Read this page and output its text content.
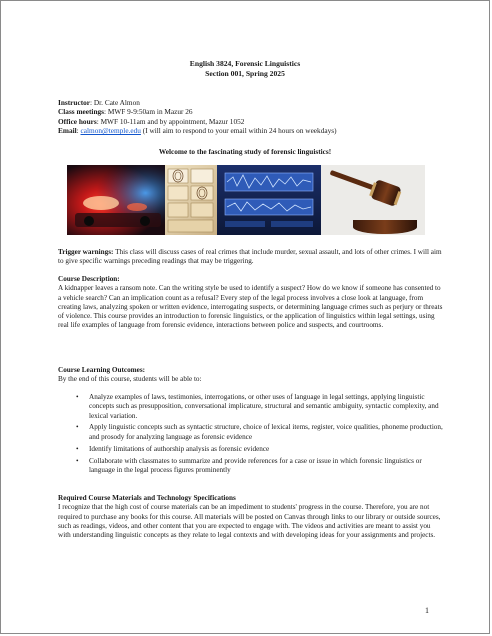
English 3824, Forensic Linguistics
Section 001, Spring 2025
Instructor: Dr. Cate Almon
Class meetings: MWF 9-9:50am in Mazur 26
Office hours: MWF 10-11am and by appointment, Mazur 1052
Email: calmon@temple.edu (I will aim to respond to your email within 24 hours on weekdays)
Welcome to the fascinating study of forensic linguistics!
Trigger warnings: This class will discuss cases of real crimes that include murder, sexual assault, and lots of other crimes. I will aim to give specific warnings preceding readings that may be triggering.
Course Description:
A kidnapper leaves a ransom note. Can the writing style be used to identify a suspect? How do we know if someone has consented to a vehicle search? Can an implication count as a refusal? Every step of the legal process involves a close look at language, from creating laws, analyzing spoken or written evidence, interrogating suspects, or determining language crimes such as perjury or threats of violence. This course provides an introduction to forensic linguistics, or the application of linguistics within legal settings, using real life examples of language from forensic evidence, interactions between police and suspects, and courtrooms.
Course Learning Outcomes:
By the end of this course, students will be able to:
• Analyze examples of laws, testimonies, interrogations, or other uses of language in legal settings, applying linguistic concepts such as presupposition, conversational implicature, structural and semantic ambiguity, syntactic complexity, and lexical variation.
• Apply linguistic concepts such as syntactic structure, choice of lexical items, register, voice qualities, phoneme production, and prosody for analyzing language as forensic evidence
• Identify limitations of authorship analysis as forensic evidence
• Collaborate with classmates to summarize and provide references for a case or issue in which forensic linguistics or language in the legal process figures prominently
Required Course Materials and Technology Specifications
I recognize that the high cost of course materials can be an impediment to students' progress in the course. Therefore, you are not required to purchase any books for this course. All materials will be posted on Canvas through links to our library or outside sources, such as readings, videos, and other content that you are expected to engage with. The videos and activities are meant to assist you with understanding linguistic concepts as they relate to legal contexts and with developing ideas for your assignments and projects.
1
